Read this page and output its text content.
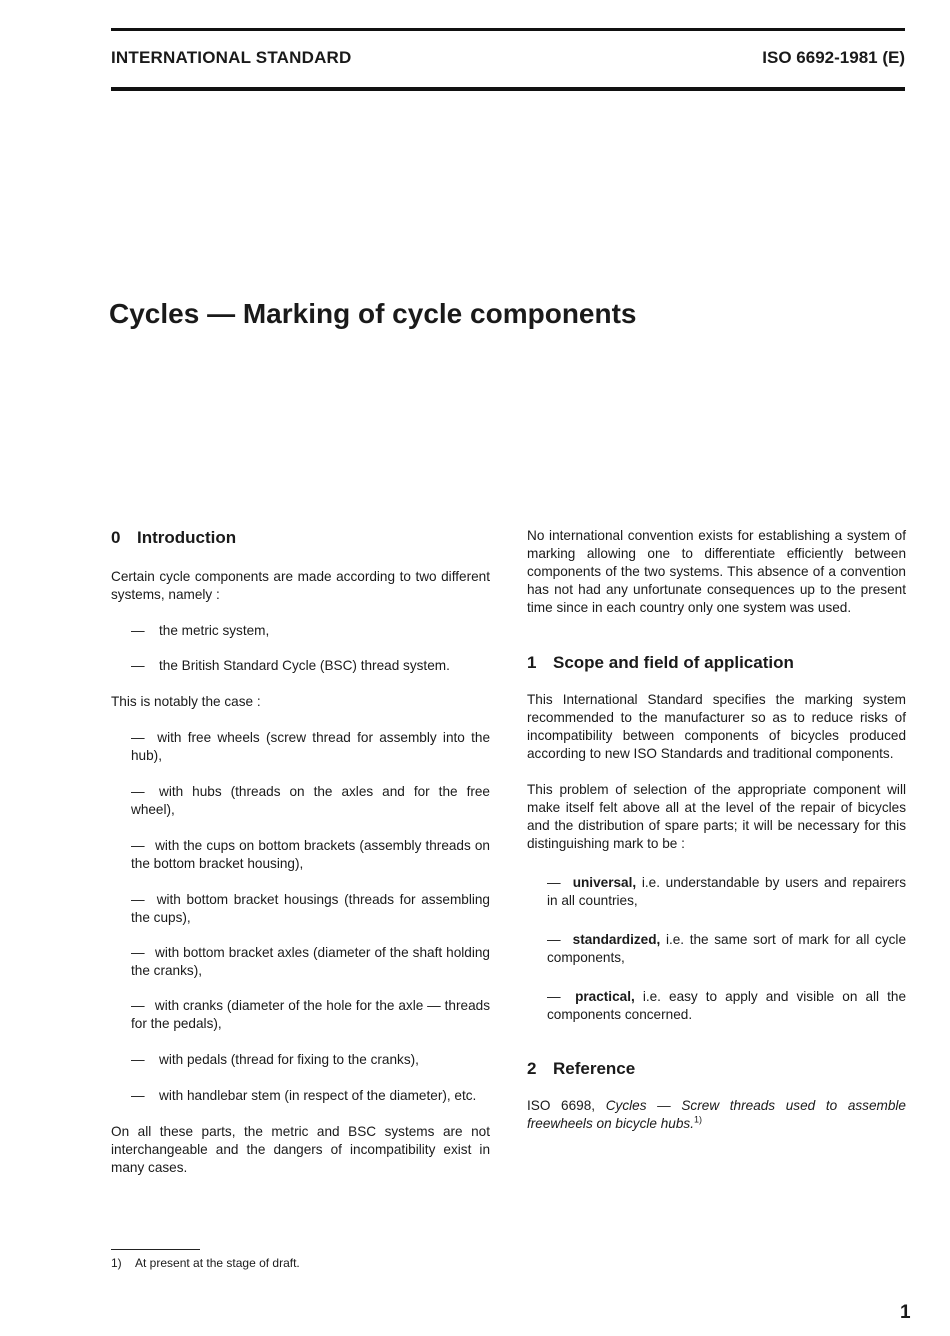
INTERNATIONAL STANDARD	ISO 6692-1981 (E)
Cycles — Marking of cycle components
0 Introduction

Certain cycle components are made according to two different systems, namely :

— the metric system,

— the British Standard Cycle (BSC) thread system.

This is notably the case :

— with free wheels (screw thread for assembly into the hub),

— with hubs (threads on the axles and for the free wheel),

— with the cups on bottom brackets (assembly threads on the bottom bracket housing),

— with bottom bracket housings (threads for assembling the cups),

— with bottom bracket axles (diameter of the shaft holding the cranks),

— with cranks (diameter of the hole for the axle — threads for the pedals),

— with pedals (thread for fixing to the cranks),

— with handlebar stem (in respect of the diameter), etc.

On all these parts, the metric and BSC systems are not interchangeable and the dangers of incompatibility exist in many cases.

No international convention exists for establishing a system of marking allowing one to differentiate efficiently between components of the two systems. This absence of a convention has not had any unfortunate consequences up to the present time since in each country only one system was used.

1 Scope and field of application

This International Standard specifies the marking system recommended to the manufacturer so as to reduce risks of incompatibility between components of bicycles produced according to new ISO Standards and traditional components.

This problem of selection of the appropriate component will make itself felt above all at the level of the repair of bicycles and the distribution of spare parts; it will be necessary for this distinguishing mark to be :

— universal, i.e. understandable by users and repairers in all countries,

— standardized, i.e. the same sort of mark for all cycle components,

— practical, i.e. easy to apply and visible on all the components concerned.

2 Reference

ISO 6698, Cycles — Screw threads used to assemble freewheels on bicycle hubs.$^{1)}$

1) At present at the stage of draft.
1
